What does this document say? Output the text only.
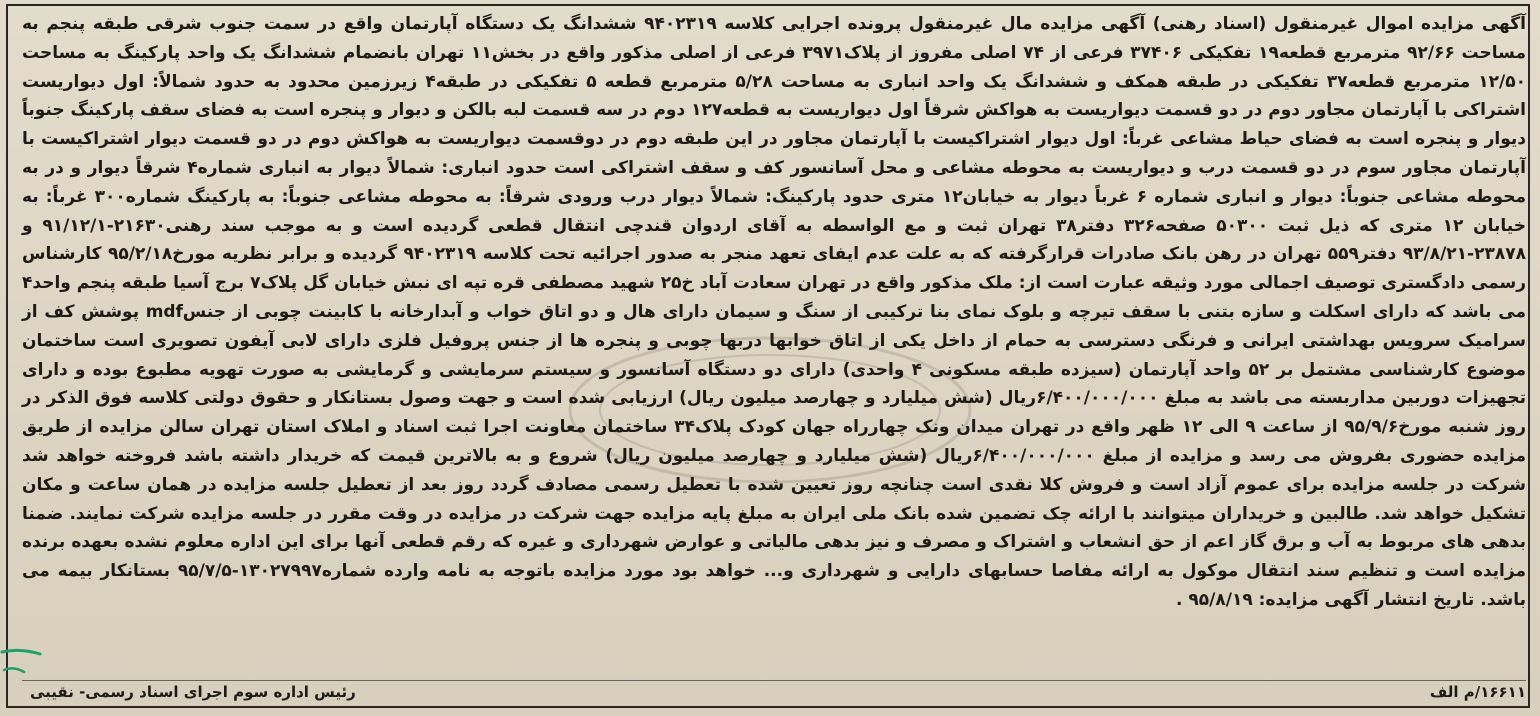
آگهی مزایده اموال غیرمنقول (اسناد رهنی) آگهی مزایده مال غیرمنقول پرونده اجرایی کلاسه ۹۴۰۲۳۱۹ ششدانگ یک دستگاه آپارتمان واقع در سمت جنوب شرقی طبقه پنجم به مساحت ۹۲/۶۶ مترمربع قطعه۱۹ تفکیکی ۳۷۴۰۶ فرعی از ۷۴ اصلی مفروز از پلاک۳۹۷۱ فرعی از اصلی مذکور واقع در بخش۱۱ تهران بانضمام ششدانگ یک واحد پارکینگ به مساحت ۱۲/۵۰ مترمربع قطعه۳۷ تفکیکی در طبقه همکف و ششدانگ یک واحد انباری به مساحت ۵/۲۸ مترمربع قطعه ۵ تفکیکی در طبقه۴ زیرزمین محدود به حدود شمالاً: اول دیواریست اشتراکی با آپارتمان مجاور دوم در دو قسمت دیواریست به هواکش شرقاً اول دیواریست به قطعه۱۲۷ دوم در سه قسمت لبه بالکن و دیوار و پنجره است به فضای سقف پارکینگ جنوباً دیوار و پنجره است به فضای حیاط مشاعی غرباً: اول دیوار اشتراکیست با آپارتمان مجاور در این طبقه دوم در دوقسمت دیواریست به هواکش دوم در دو قسمت دیوار اشتراکیست با آپارتمان مجاور سوم در دو قسمت درب و دیواریست به محوطه مشاعی و محل آسانسور کف و سقف اشتراکی است حدود انباری: شمالاً دیوار به انباری شماره۴ شرقاً دیوار و در به محوطه مشاعی جنوباً: دیوار و انباری شماره ۶ غرباً دیوار به خیابان۱۲ متری حدود پارکینگ: شمالاً دیوار درب ورودی شرقاً: به محوطه مشاعی جنوباً: به پارکینگ شماره۳۰۰ غرباً: به خیابان ۱۲ متری که ذیل ثبت ۵۰۳۰۰ صفحه۳۲۶ دفتر۳۸ تهران ثبت و مع الواسطه به آقای اردوان قندچی انتقال قطعی گردیده است و به موجب سند رهنی۲۱۶۳۰-۹۱/۱۲/۱ و ۲۳۸۷۸-۹۳/۸/۲۱ دفتر۵۵۹ تهران در رهن بانک صادرات قرارگرفته که به علت عدم ایفای تعهد منجر به صدور اجرائیه تحت کلاسه ۹۴۰۲۳۱۹ گردیده و برابر نظریه مورخ۹۵/۲/۱۸ کارشناس رسمی دادگستری توصیف اجمالی مورد وثیقه عبارت است از: ملک مذکور واقع در تهران سعادت آباد خ۲۵ شهید مصطفی قره تپه ای نبش خیابان گل پلاک۷ برج آسیا طبقه پنجم واحد۴ می باشد که دارای اسکلت و سازه بتنی با سقف تیرچه و بلوک نمای بنا ترکیبی از سنگ و سیمان دارای هال و دو اتاق خواب و آبدارخانه با کابینت چوبی از جنسmdf پوشش کف از سرامیک سرویس بهداشتی ایرانی و فرنگی دسترسی به حمام از داخل یکی از اتاق خوابها دربها چوبی و پنجره ها از جنس پروفیل فلزی دارای لابی آیفون تصویری است ساختمان موضوع کارشناسی مشتمل بر ۵۲ واحد آپارتمان (سیزده طبقه مسکونی ۴ واحدی) دارای دو دستگاه آسانسور و سیستم سرمایشی و گرمایشی به صورت تهویه مطبوع بوده و دارای تجهیزات دوربین مداربسته می باشد به مبلغ ۶/۴۰۰/۰۰۰/۰۰۰ریال (شش میلیارد و چهارصد میلیون ریال) ارزیابی شده است و جهت وصول بستانکار و حقوق دولتی کلاسه فوق الذکر در روز شنبه مورخ۹۵/۹/۶ از ساعت ۹ الی ۱۲ ظهر واقع در تهران میدان ونک چهارراه جهان کودک پلاک۳۴ ساختمان معاونت اجرا ثبت اسناد و املاک استان تهران سالن مزایده از طریق مزایده حضوری بفروش می رسد و مزایده از مبلغ ۶/۴۰۰/۰۰۰/۰۰۰ریال (شش میلیارد و چهارصد میلیون ریال) شروع و به بالاترین قیمت که خریدار داشته باشد فروخته خواهد شد شرکت در جلسه مزایده برای عموم آزاد است و فروش کلا نقدی است چنانچه روز تعیین شده با تعطیل رسمی مصادف گردد روز بعد از تعطیل جلسه مزایده در همان ساعت و مکان تشکیل خواهد شد. طالبین و خریداران میتوانند با ارائه چک تضمین شده بانک ملی ایران به مبلغ پایه مزایده جهت شرکت در مزایده در وقت مقرر در جلسه مزایده شرکت نمایند. ضمنا بدهی های مربوط به آب و برق گاز اعم از حق انشعاب و اشتراک و مصرف و نیز بدهی مالیاتی و عوارض شهرداری و غیره که رقم قطعی آنها برای این اداره معلوم نشده بعهده برنده مزایده است و تنظیم سند انتقال موکول به ارائه مفاصا حسابهای دارایی و شهرداری و... خواهد بود مورد مزایده باتوجه به نامه وارده شماره۱۳۰۲۷۹۹۷-۹۵/۷/۵ بستانکار بیمه می باشد. تاریخ انتشار آگهی مزایده: ۹۵/۸/۱۹ .

۱۶۶۱۱/م الف
رئیس اداره سوم اجرای اسناد رسمی- نقیبی
